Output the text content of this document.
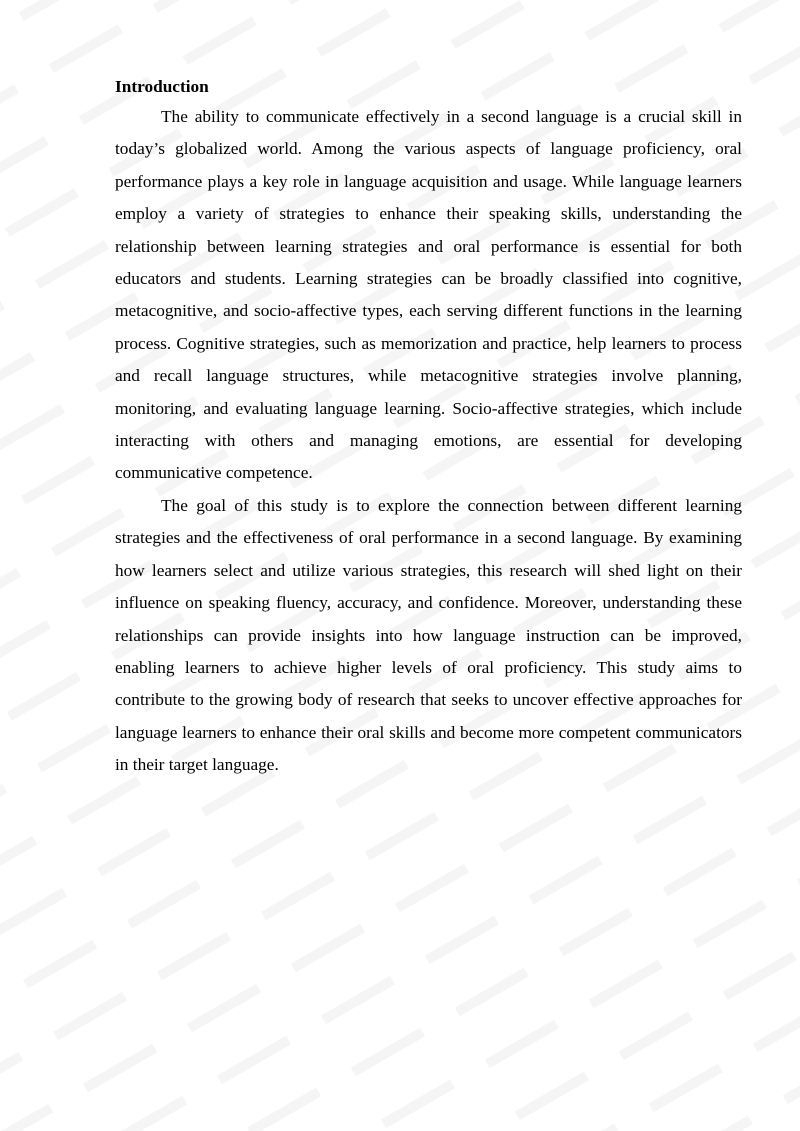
Introduction

The ability to communicate effectively in a second language is a crucial skill in today’s globalized world. Among the various aspects of language proficiency, oral performance plays a key role in language acquisition and usage. While language learners employ a variety of strategies to enhance their speaking skills, understanding the relationship between learning strategies and oral performance is essential for both educators and students. Learning strategies can be broadly classified into cognitive, metacognitive, and socio-affective types, each serving different functions in the learning process. Cognitive strategies, such as memorization and practice, help learners to process and recall language structures, while metacognitive strategies involve planning, monitoring, and evaluating language learning. Socio-affective strategies, which include interacting with others and managing emotions, are essential for developing communicative competence.

The goal of this study is to explore the connection between different learning strategies and the effectiveness of oral performance in a second language. By examining how learners select and utilize various strategies, this research will shed light on their influence on speaking fluency, accuracy, and confidence. Moreover, understanding these relationships can provide insights into how language instruction can be improved, enabling learners to achieve higher levels of oral proficiency. This study aims to contribute to the growing body of research that seeks to uncover effective approaches for language learners to enhance their oral skills and become more competent communicators in their target language.
